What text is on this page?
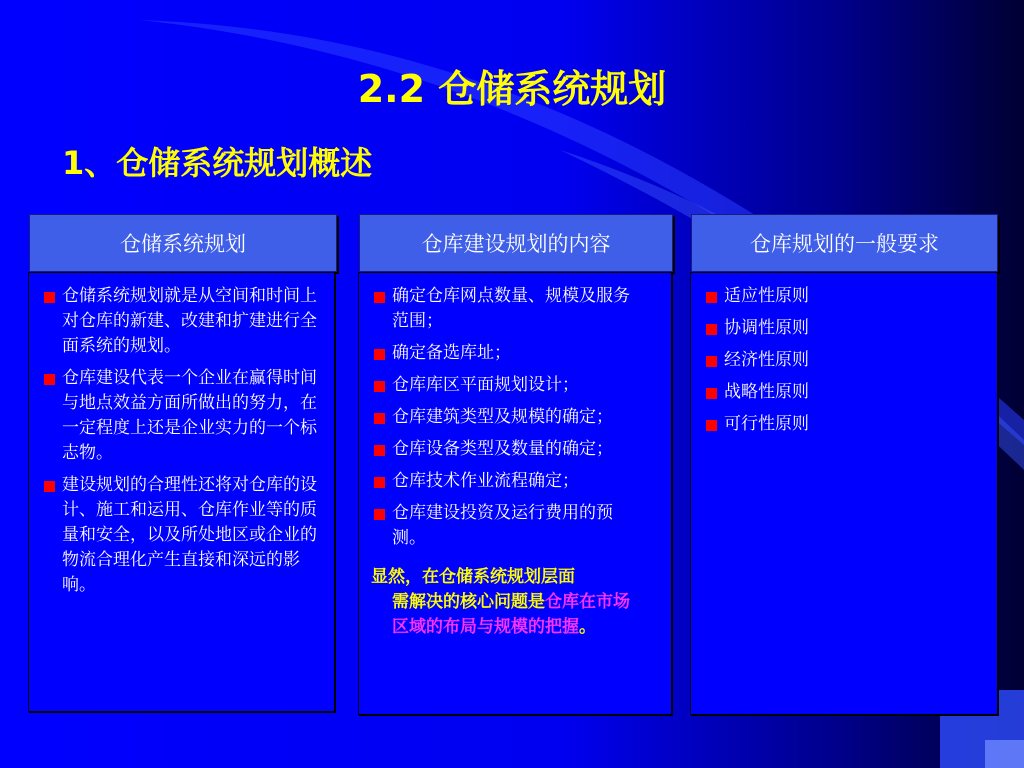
2.2 仓储系统规划
1、仓储系统规划概述
仓储系统规划
仓储系统规划就是从空间和时间上对仓库的新建、改建和扩建进行全面系统的规划。
仓库建设代表一个企业在赢得时间与地点效益方面所做出的努力，在一定程度上还是企业实力的一个标志物。
建设规划的合理性还将对仓库的设计、施工和运用、仓库作业等的质量和安全，以及所处地区或企业的物流合理化产生直接和深远的影响。
仓库建设规划的内容
确定仓库网点数量、规模及服务范围；
确定备选库址；
仓库库区平面规划设计；
仓库建筑类型及规模的确定；
仓库设备类型及数量的确定；
仓库技术作业流程确定；
仓库建设投资及运行费用的预测。
显然，在仓储系统规划层面
需解决的核心问题是仓库在市场区域的布局与规模的把握。
仓库规划的一般要求
适应性原则
协调性原则
经济性原则
战略性原则
可行性原则
